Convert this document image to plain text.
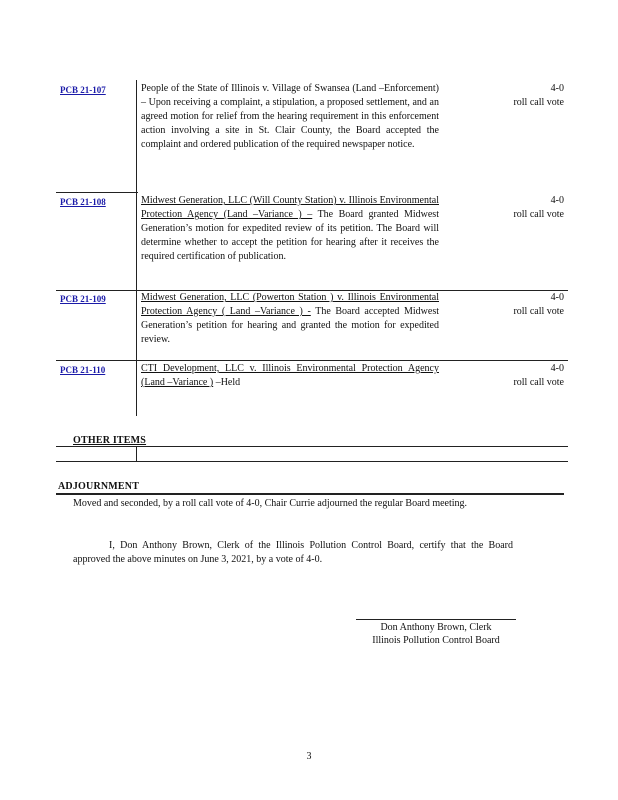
PCB 21-107	People of the State of Illinois v. Village of Swansea (Land –Enforcement) – Upon receiving a complaint, a stipulation, a proposed settlement, and an agreed motion for relief from the hearing requirement in this enforcement action involving a site in St. Clair County, the Board accepted the complaint and ordered publication of the required newspaper notice.
4-0
roll call vote
PCB 21-108	Midwest Generation, LLC (Will County Station) v. Illinois Environmental Protection Agency (Land –Variance ) – The Board granted Midwest Generation’s motion for expedited review of its petition. The Board will determine whether to accept the petition for hearing after it receives the required certification of publication.
4-0
roll call vote
PCB 21-109	Midwest Generation, LLC (Powerton Station ) v. Illinois Environmental Protection Agency ( Land –Variance ) - The Board accepted Midwest Generation’s petition for hearing and granted the motion for expedited review.
4-0
roll call vote
PCB 21-110	CTI Development, LLC v. Illinois Environmental Protection Agency (Land –Variance ) –Held
4-0
roll call vote
OTHER ITEMS
ADJOURNMENT
Moved and seconded, by a roll call vote of 4-0, Chair Currie adjourned the regular Board meeting.
I, Don Anthony Brown, Clerk of the Illinois Pollution Control Board, certify that the Board approved the above minutes on June 3, 2021, by a vote of 4-0.
Don Anthony Brown, Clerk
Illinois Pollution Control Board
3
